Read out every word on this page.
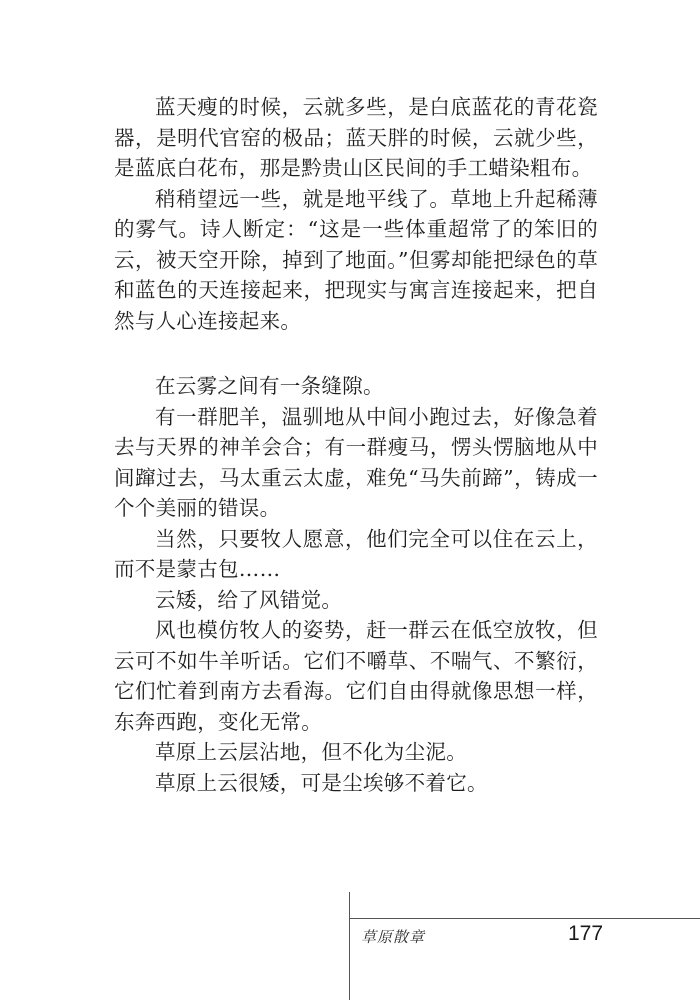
蓝天瘦的时候，云就多些，是白底蓝花的青花瓷器，是明代官窑的极品；蓝天胖的时候，云就少些，是蓝底白花布，那是黔贵山区民间的手工蜡染粗布。

稍稍望远一些，就是地平线了。草地上升起稀薄的雾气。诗人断定：“这是一些体重超常了的笨旧的云，被天空开除，掉到了地面。”但雾却能把绿色的草和蓝色的天连接起来，把现实与寓言连接起来，把自然与人心连接起来。

在云雾之间有一条缝隙。

有一群肥羊，温驯地从中间小跑过去，好像急着去与天界的神羊会合；有一群瘦马，愣头愣脑地从中间蹿过去，马太重云太虚，难免“马失前蹄”，铸成一个个美丽的错误。

当然，只要牧人愿意，他们完全可以住在云上，而不是蒙古包……

云矮，给了风错觉。

风也模仿牧人的姿势，赶一群云在低空放牧，但云可不如牛羊听话。它们不嚼草、不喘气、不繁衍，它们忙着到南方去看海。它们自由得就像思想一样，东奔西跑，变化无常。

草原上云层沾地，但不化为尘泥。

草原上云很矮，可是尘埃够不着它。

草原散章	177
